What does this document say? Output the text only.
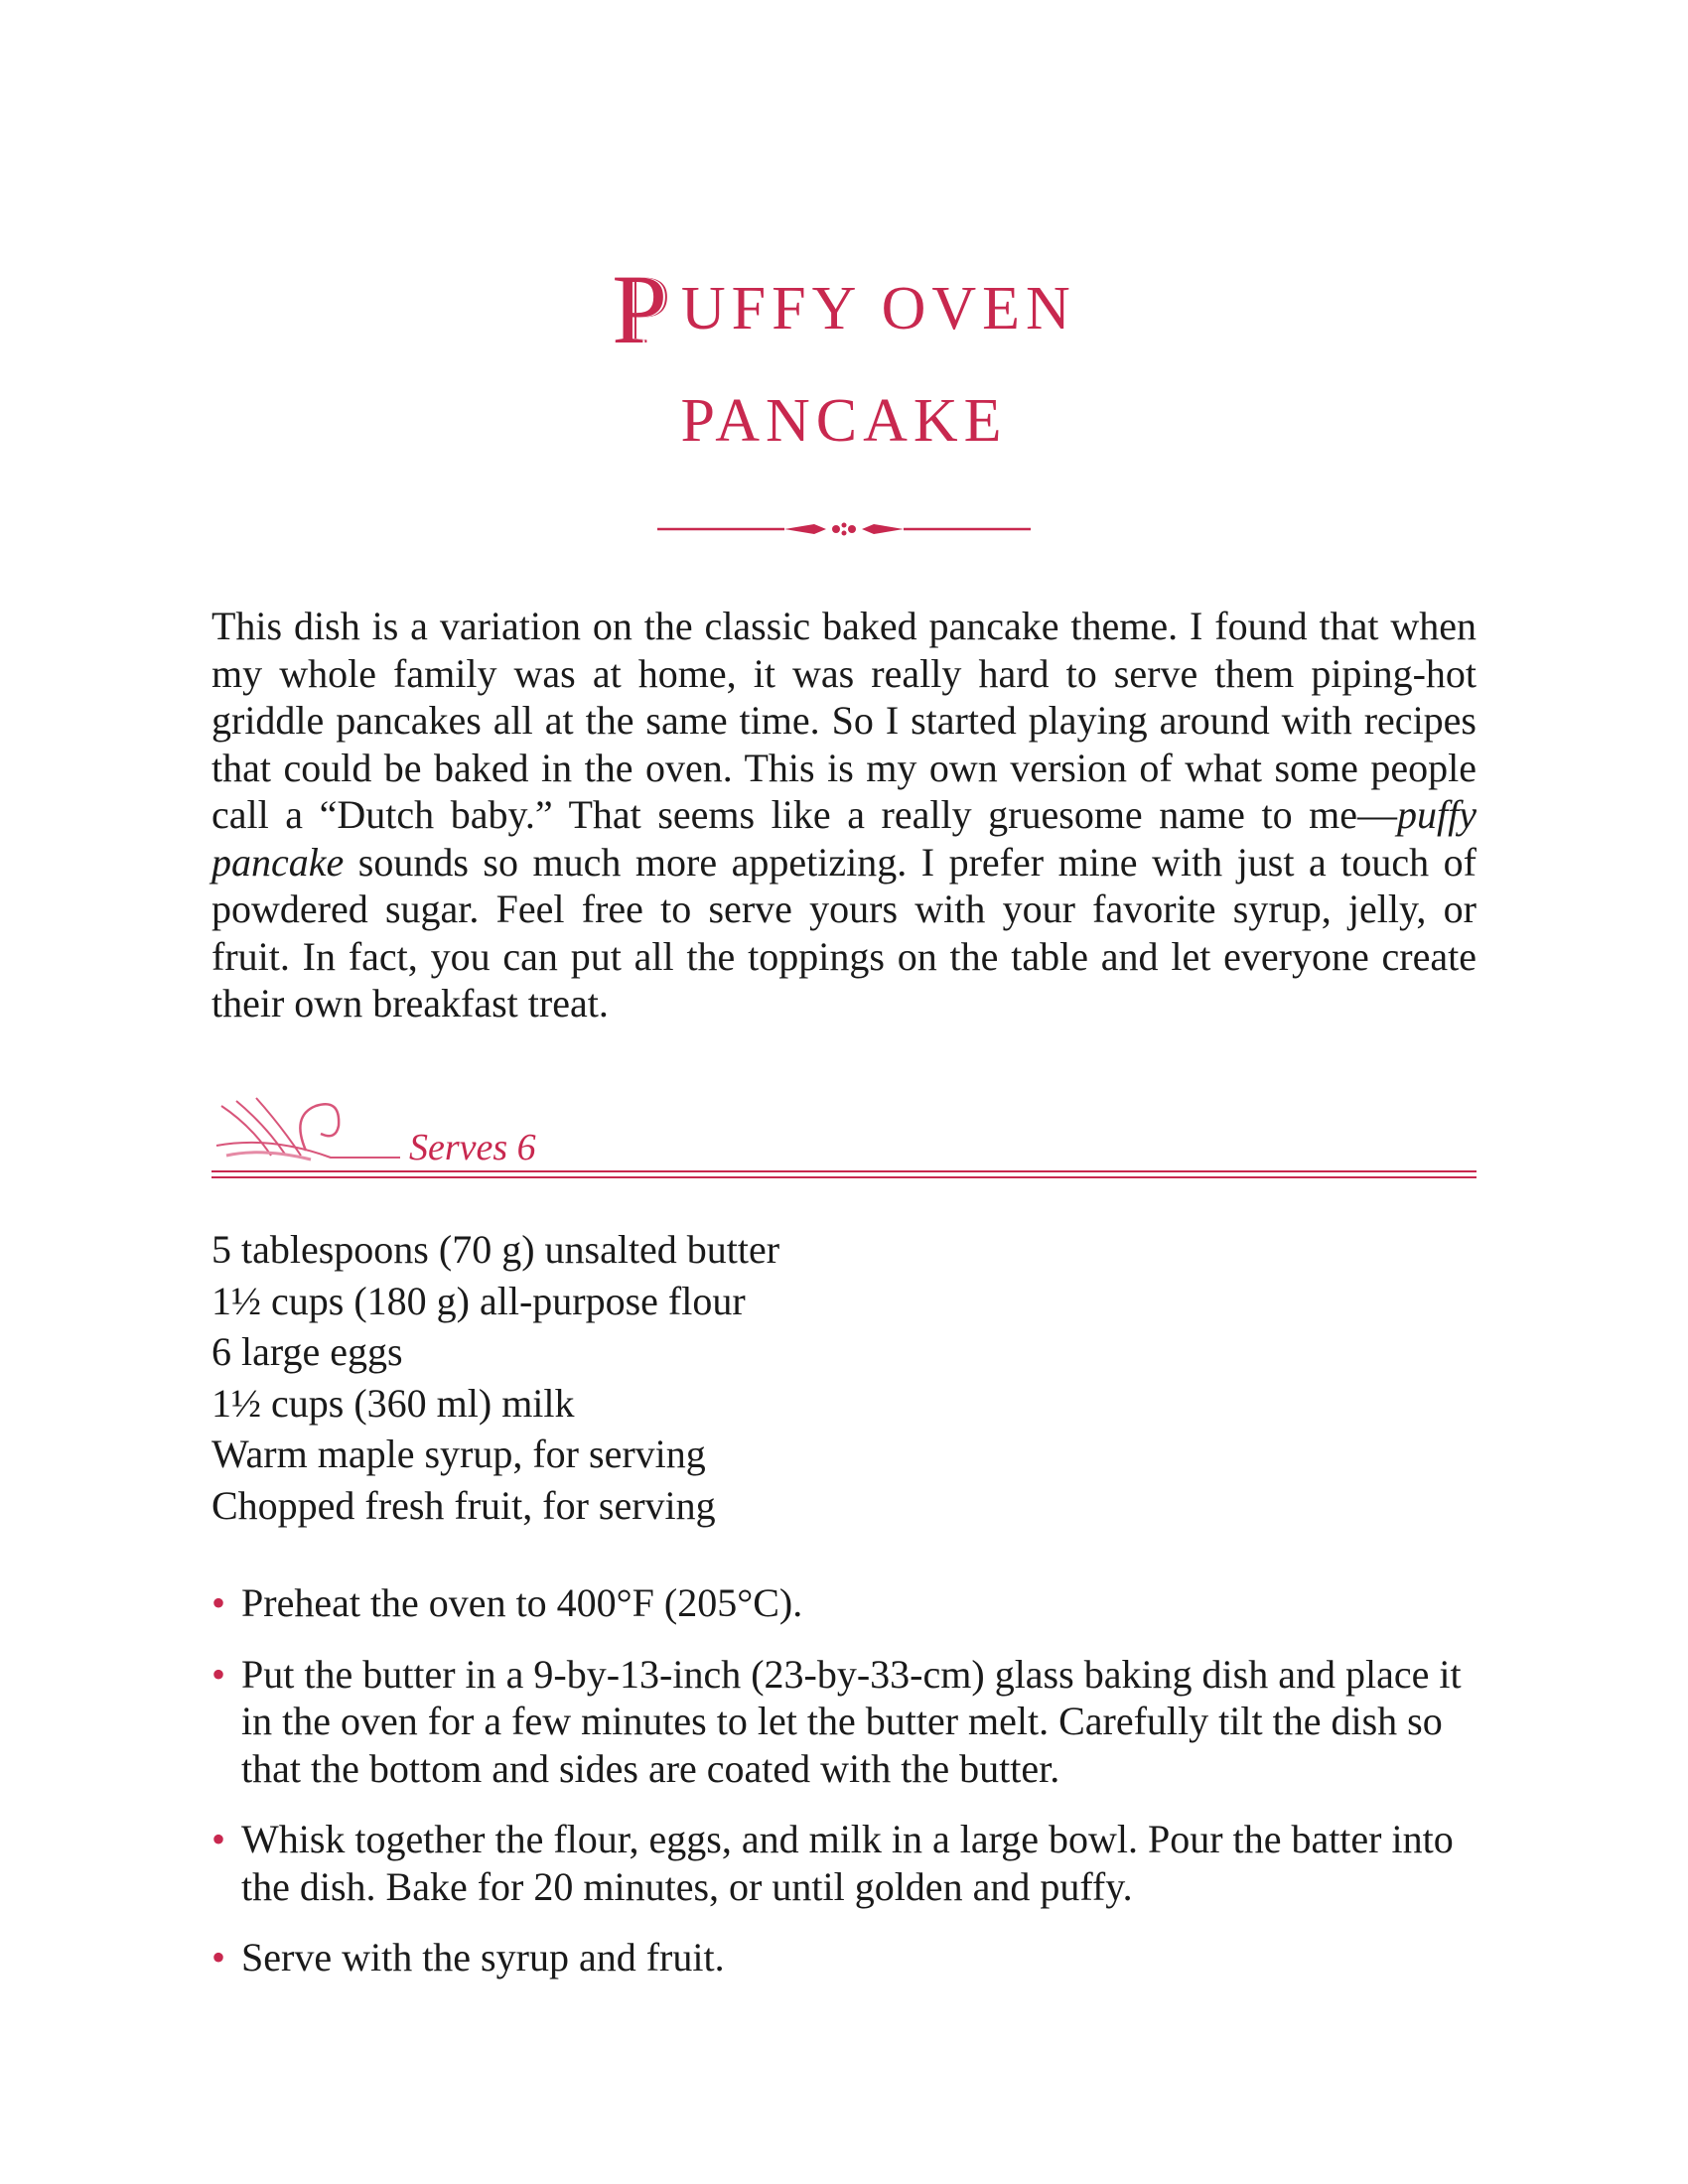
PUFFY OVEN
PANCAKE

This dish is a variation on the classic baked pancake theme. I found that when my whole family was at home, it was really hard to serve them piping-hot griddle pancakes all at the same time. So I started playing around with recipes that could be baked in the oven. This is my own version of what some people call a “Dutch baby.” That seems like a really gruesome name to me—puffy pancake sounds so much more appetizing. I prefer mine with just a touch of powdered sugar. Feel free to serve yours with your favorite syrup, jelly, or fruit. In fact, you can put all the toppings on the table and let everyone create their own breakfast treat.

Serves 6
5 tablespoons (70 g) unsalted butter
1½ cups (180 g) all-purpose flour
6 large eggs
1½ cups (360 ml) milk
Warm maple syrup, for serving
Chopped fresh fruit, for serving
• Preheat the oven to 400°F (205°C).
• Put the butter in a 9-by-13-inch (23-by-33-cm) glass baking dish and place it in the oven for a few minutes to let the butter melt. Carefully tilt the dish so that the bottom and sides are coated with the butter.
• Whisk together the flour, eggs, and milk in a large bowl. Pour the batter into the dish. Bake for 20 minutes, or until golden and puffy.
• Serve with the syrup and fruit.
